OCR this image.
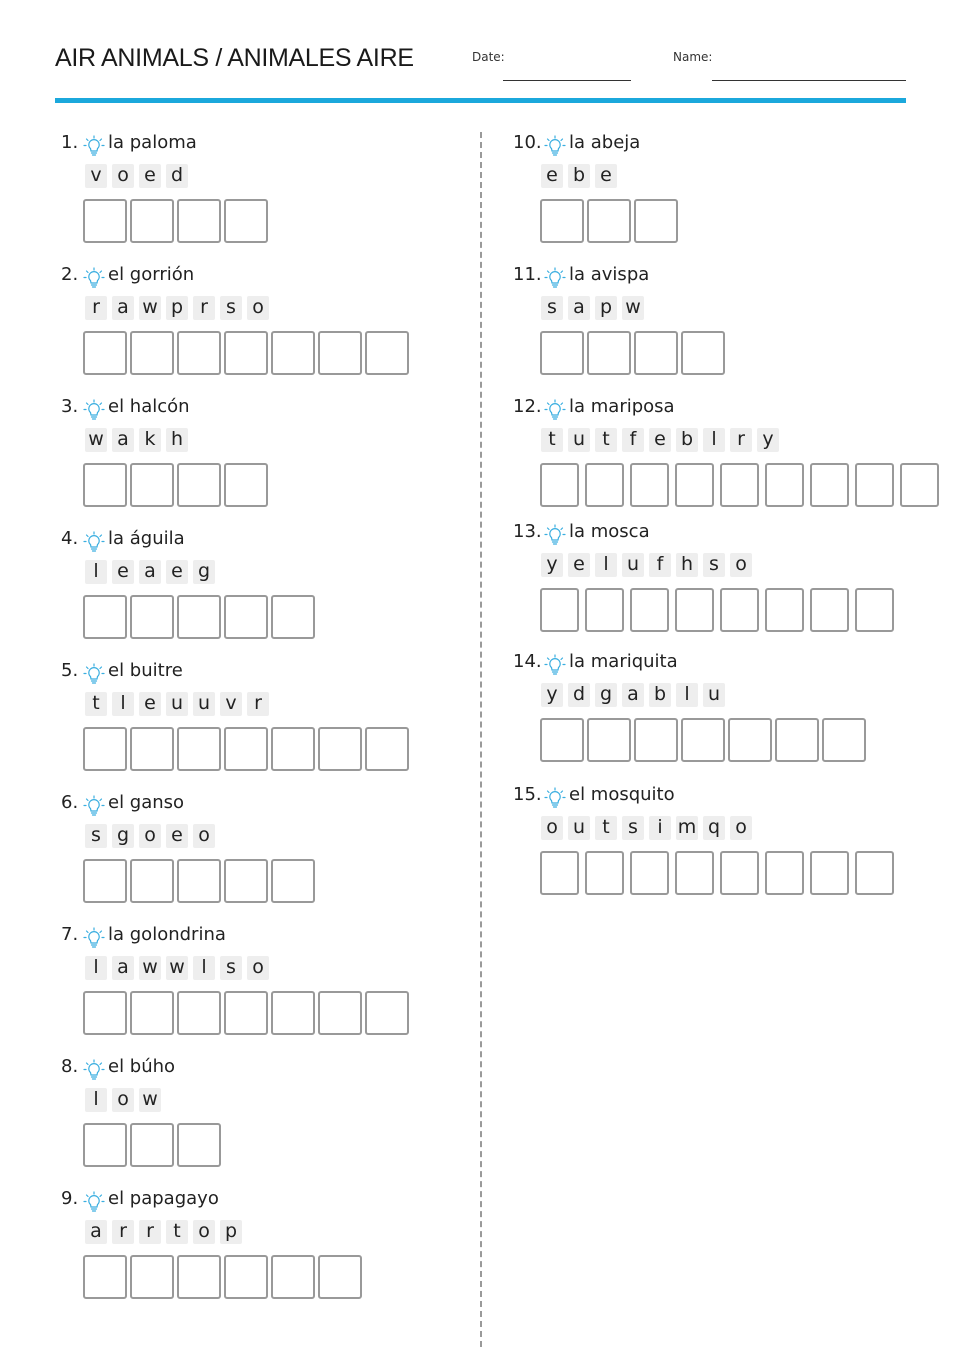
AIR ANIMALS / ANIMALES AIRE	Date:	Name:
1. la paloma
v o e d
2. el gorrión
r a w p r s o
3. el halcón
w a k h
4. la águila
l e a e g
5. el buitre
t	l e u u v r
6. el ganso
s g o e o
7. la golondrina
l a w w l	s o
8. el búho
l o w
9. el papagayo
a r	r	t o p
10. la abeja
e b e
11. la avispa
s a p w
12. la mariposa
t u t	f e b l	r y
13. la mosca
y e l u f h s o
14. la mariquita
y d g a b l u
15. el mosquito
o u t s	i m q o
